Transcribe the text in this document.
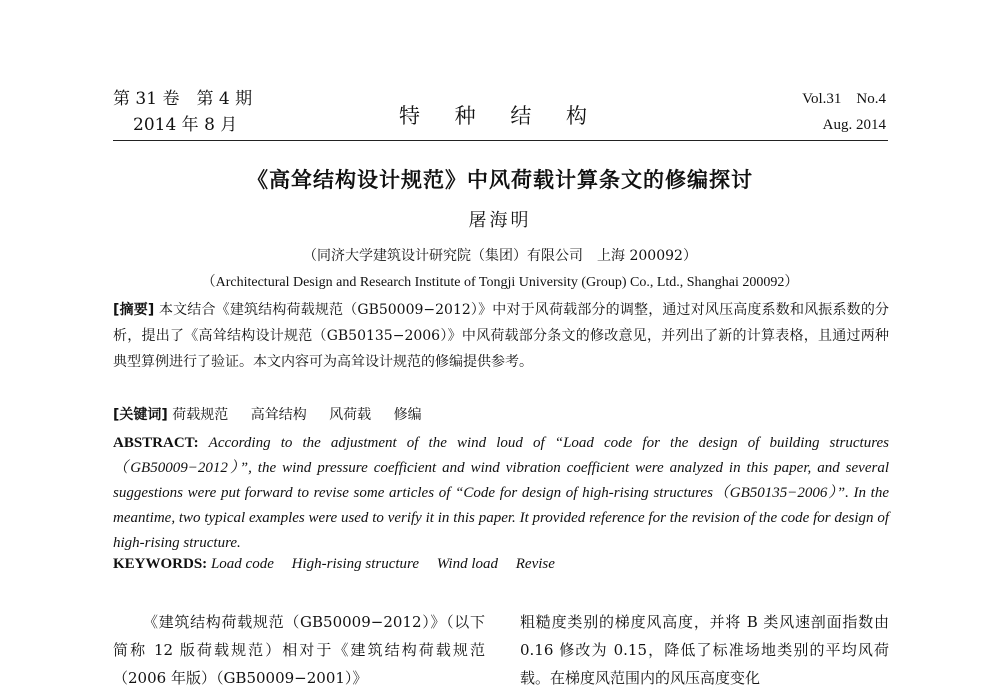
第 31 卷　第 4 期
2014 年 8 月	特 种 结 构
Vol.31　No.4
Aug. 2014
《高耸结构设计规范》中风荷载计算条文的修编探讨
屠海明
（同济大学建筑设计研究院（集团）有限公司　上海 200092）
（Architectural Design and Research Institute of Tongji University (Group) Co., Ltd., Shanghai 200092）
[摘要] 本文结合《建筑结构荷载规范（GB50009−2012）》中对于风荷载部分的调整，通过对风压高度系数和风振系数的分析，提出了《高耸结构设计规范（GB50135−2006）》中风荷载部分条文的修改意见，并列出了新的计算表格，且通过两种典型算例进行了验证。本文内容可为高耸设计规范的修编提供参考。
[关键词] 荷载规范 高耸结构 风荷载 修编
ABSTRACT: According to the adjustment of the wind loud of “Load code for the design of building structures（GB50009−2012）”, the wind pressure coefficient and wind vibration coefficient were analyzed in this paper, and several suggestions were put forward to revise some articles of “Code for design of high-rising structures（GB50135−2006）”. In the meantime, two typical examples were used to verify it in this paper. It provided reference for the revision of the code for design of high-rising structure.
KEYWORDS: Load code High-rising structure Wind load Revise
《建筑结构荷载规范（GB50009−2012）》（以下简称 12 版荷载规范）相对于《建筑结构荷载规范（2006 年版）（GB50009−2001）》
粗糙度类别的梯度风高度，并将 B 类风速剖面指数由 0.16 修改为 0.15，降低了标准场地类别的平均风荷载。在梯度风范围内的风压高度变化
